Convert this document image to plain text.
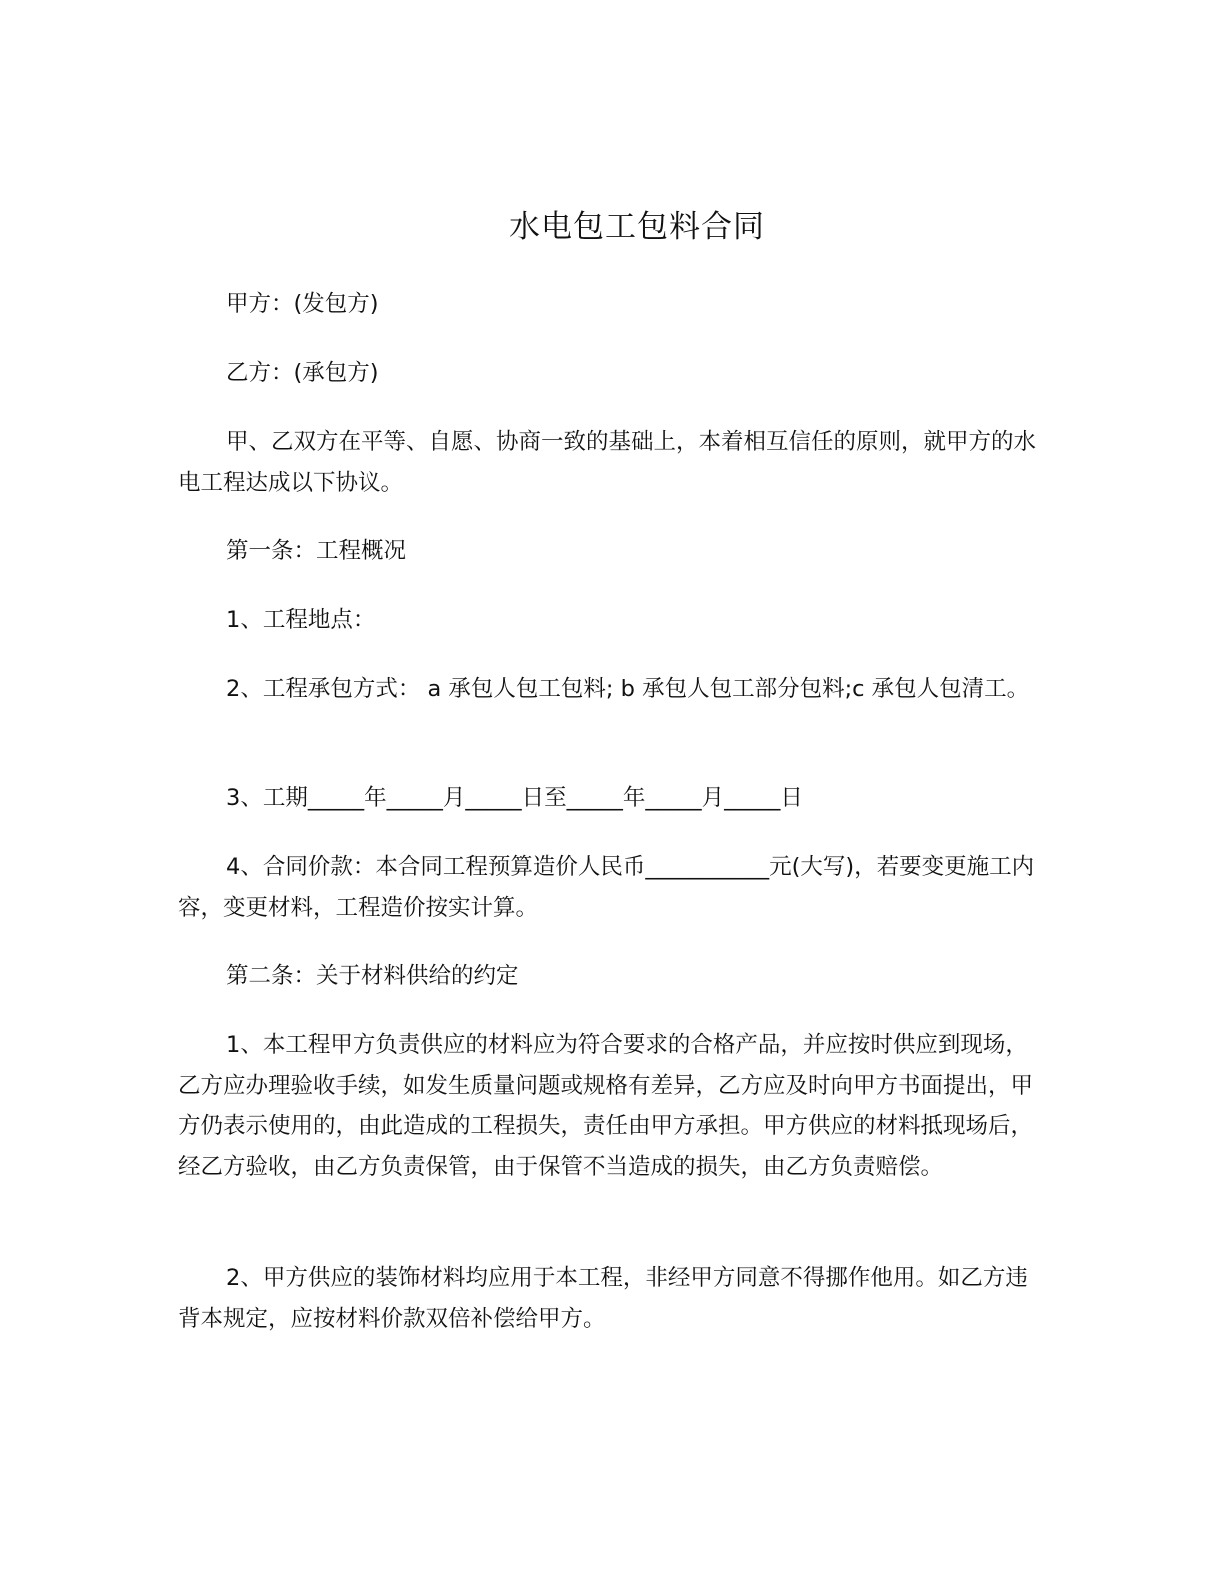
水电包工包料合同

甲方：(发包方)

乙方：(承包方)

甲、乙双方在平等、自愿、协商一致的基础上，本着相互信任的原则，就甲方的水电工程达成以下协议。

第一条：工程概况

1、工程地点：

2、工程承包方式： a 承包人包工包料; b 承包人包工部分包料;c 承包人包清工。

3、工期_____年_____月_____日至_____年_____月_____日

4、合同价款：本合同工程预算造价人民币___________元(大写)，若要变更施工内容，变更材料，工程造价按实计算。

第二条：关于材料供给的约定

1、本工程甲方负责供应的材料应为符合要求的合格产品，并应按时供应到现场，乙方应办理验收手续，如发生质量问题或规格有差异，乙方应及时向甲方书面提出，甲方仍表示使用的，由此造成的工程损失，责任由甲方承担。甲方供应的材料抵现场后，经乙方验收，由乙方负责保管，由于保管不当造成的损失，由乙方负责赔偿。

2、甲方供应的装饰材料均应用于本工程，非经甲方同意不得挪作他用。如乙方违背本规定，应按材料价款双倍补偿给甲方。
